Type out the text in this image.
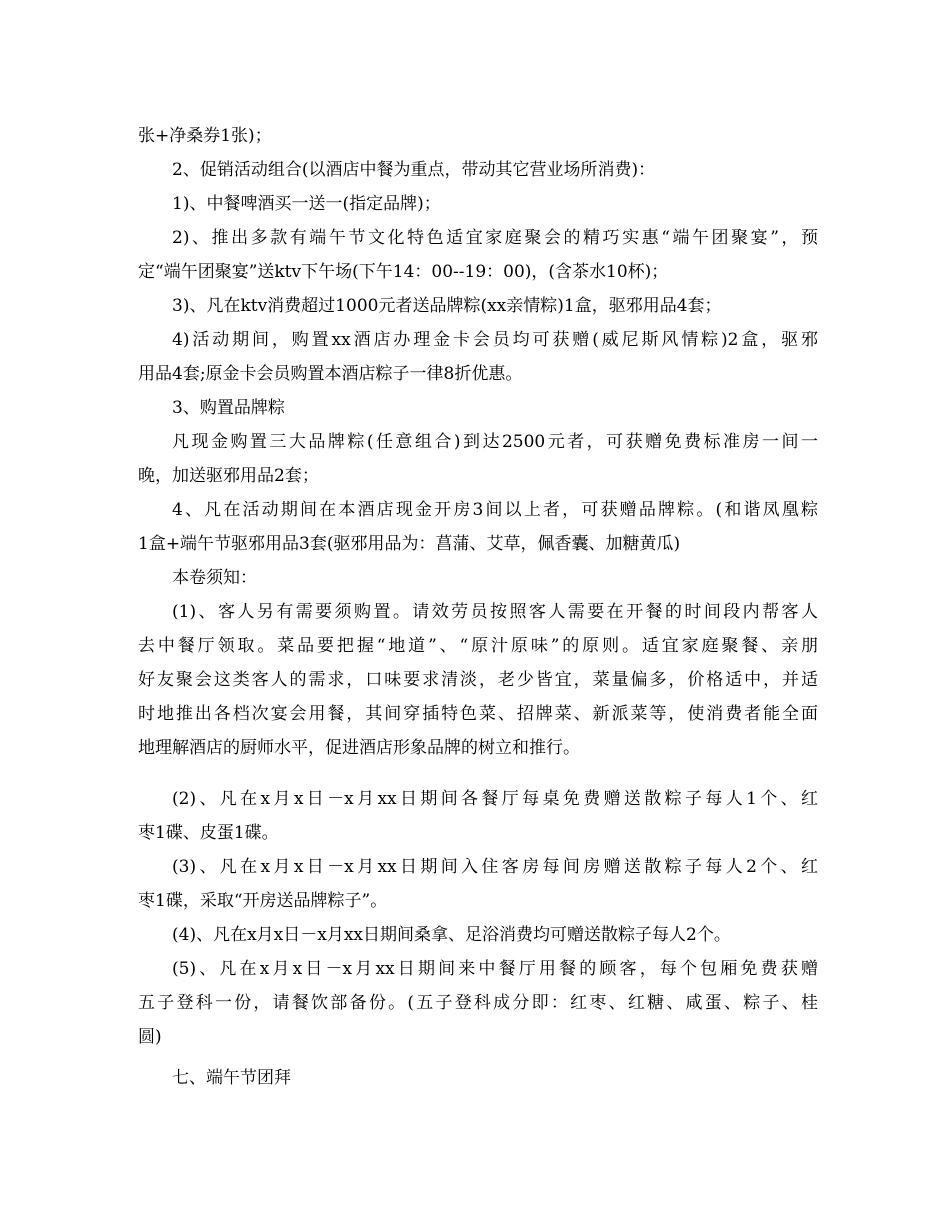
张+净桑券1张)；
2、促销活动组合(以酒店中餐为重点，带动其它营业场所消费)：
1)、中餐啤酒买一送一(指定品牌)；
2)、推出多款有端午节文化特色适宜家庭聚会的精巧实惠“端午团聚宴”，预
定“端午团聚宴”送ktv下午场(下午14：00--19：00)，(含茶水10杯)；
3)、凡在ktv消费超过1000元者送品牌粽(xx亲情粽)1盒，驱邪用品4套；
4)活动期间，购置xx酒店办理金卡会员均可获赠(威尼斯风情粽)2盒，驱邪
用品4套;原金卡会员购置本酒店粽子一律8折优惠。
3、购置品牌粽
凡现金购置三大品牌粽(任意组合)到达2500元者，可获赠免费标准房一间一
晚，加送驱邪用品2套；
4、凡在活动期间在本酒店现金开房3间以上者，可获赠品牌粽。(和谐凤凰粽
1盒+端午节驱邪用品3套(驱邪用品为：菖蒲、艾草，佩香囊、加糖黄瓜)
本卷须知：
(1)、客人另有需要须购置。请效劳员按照客人需要在开餐的时间段内帮客人
去中餐厅领取。菜品要把握“地道”、“原汁原味”的原则。适宜家庭聚餐、亲朋
好友聚会这类客人的需求，口味要求清淡，老少皆宜，菜量偏多，价格适中，并适
时地推出各档次宴会用餐，其间穿插特色菜、招牌菜、新派菜等，使消费者能全面
地理解酒店的厨师水平，促进酒店形象品牌的树立和推行。
(2)、凡在x月x日－x月xx日期间各餐厅每桌免费赠送散粽子每人1个、红
枣1碟、皮蛋1碟。
(3)、凡在x月x日－x月xx日期间入住客房每间房赠送散粽子每人2个、红
枣1碟，采取“开房送品牌粽子”。
(4)、凡在x月x日－x月xx日期间桑拿、足浴消费均可赠送散粽子每人2个。
(5)、凡在x月x日－x月xx日期间来中餐厅用餐的顾客，每个包厢免费获赠
五子登科一份，请餐饮部备份。(五子登科成分即：红枣、红糖、咸蛋、粽子、桂
圆)
七、端午节团拜
